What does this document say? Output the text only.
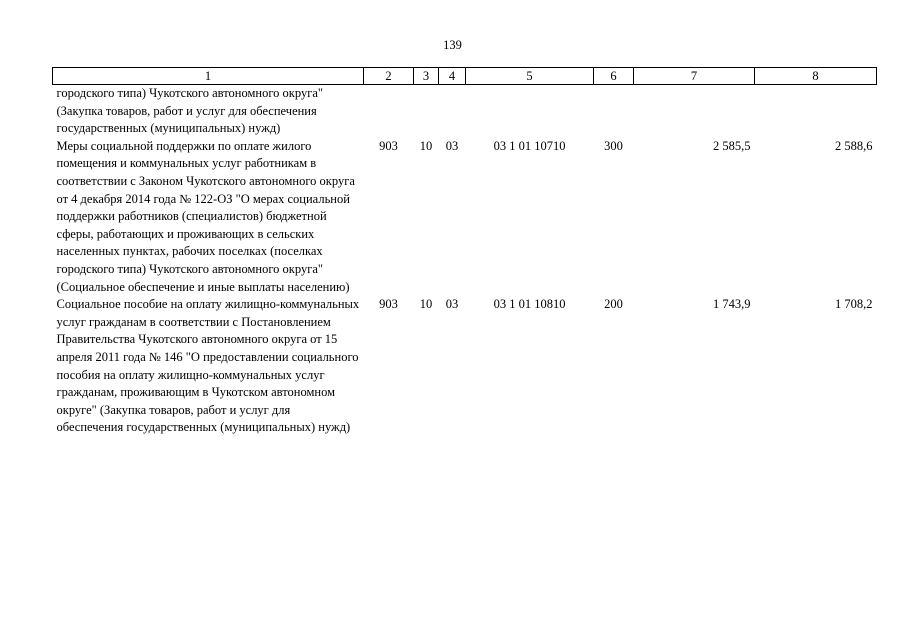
139
1	2	3	4	5	6	7	8
городского типа) Чукотского автономного округа" (Закупка товаров, работ и услуг для обеспечения государственных (муниципальных) нужд)							
Меры социальной поддержки по оплате жилого помещения и коммунальных услуг работникам в соответствии с Законом Чукотского автономного округа от 4 декабря 2014 года № 122-ОЗ "О мерах социальной поддержки работников (специалистов) бюджетной сферы, работающих и проживающих в сельских населенных пунктах, рабочих поселках (поселках городского типа) Чукотского автономного округа" (Социальное обеспечение и иные выплаты населению)	903	10	03	03 1 01 10710	300	2 585,5	2 588,6
Социальное пособие на оплату жилищно-коммунальных услуг гражданам в соответствии с Постановлением Правительства Чукотского автономного округа от 15 апреля 2011 года № 146 "О предоставлении социального пособия на оплату жилищно-коммунальных услуг гражданам, проживающим в Чукотском автономном округе" (Закупка товаров, работ и услуг для обеспечения государственных (муниципальных) нужд)	903	10	03	03 1 01 10810	200	1 743,9	1 708,2
